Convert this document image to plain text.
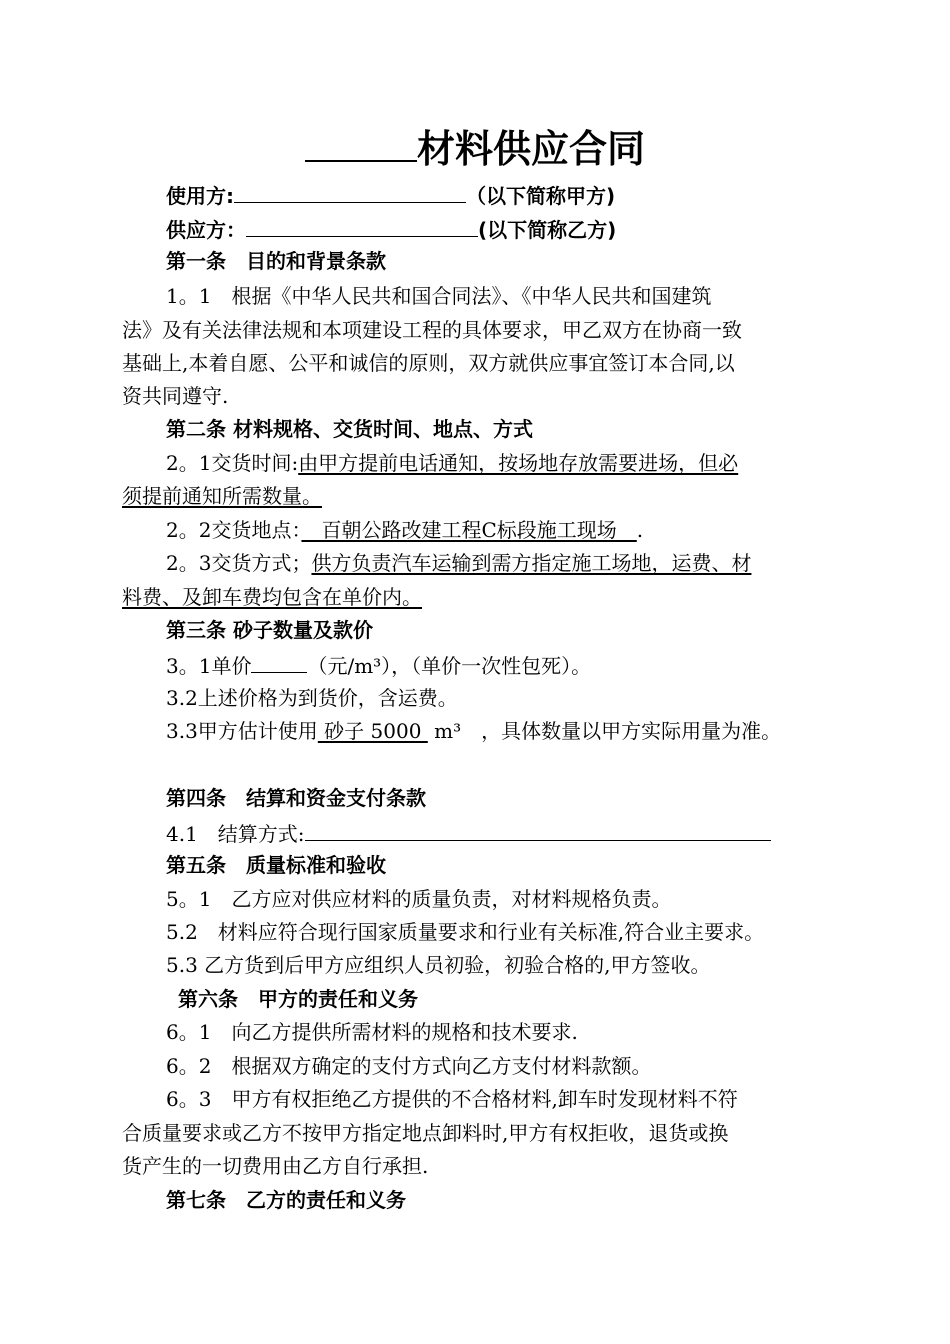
材料供应合同
使用方:	（以下简称甲方)
供应方：	(以下简称乙方)
第一条　目的和背景条款
1。1　根据《中华人民共和国合同法》、《中华人民共和国建筑
法》及有关法律法规和本项建设工程的具体要求，甲乙双方在协商一致
基础上,本着自愿、公平和诚信的原则，双方就供应事宜签订本合同,以
资共同遵守.
第二条 材料规格、交货时间、地点、方式
2。1交货时间:由甲方提前电话通知，按场地存放需要进场，但必
须提前通知所需数量。
2。2交货地点：　百朝公路改建工程C标段施工现场　.
2。3交货方式；供方负责汽车运输到需方指定施工场地，运费、材
料费、及卸车费均包含在单价内。
第三条 砂子数量及款价
3。1单价	（元/m³），（单价一次性包死）。
3.2上述价格为到货价，含运费。
3.3甲方估计使用 砂子 5000  m³　，具体数量以甲方实际用量为准。
第四条　结算和资金支付条款
4.1　结算方式:
第五条　质量标准和验收
5。1　乙方应对供应材料的质量负责，对材料规格负责。
5.2　材料应符合现行国家质量要求和行业有关标准,符合业主要求。
5.3 乙方货到后甲方应组织人员初验，初验合格的,甲方签收。
第六条　甲方的责任和义务
6。1　向乙方提供所需材料的规格和技术要求.
6。2　根据双方确定的支付方式向乙方支付材料款额。
6。3　甲方有权拒绝乙方提供的不合格材料,卸车时发现材料不符
合质量要求或乙方不按甲方指定地点卸料时,甲方有权拒收，退货或换
货产生的一切费用由乙方自行承担.
第七条　乙方的责任和义务
